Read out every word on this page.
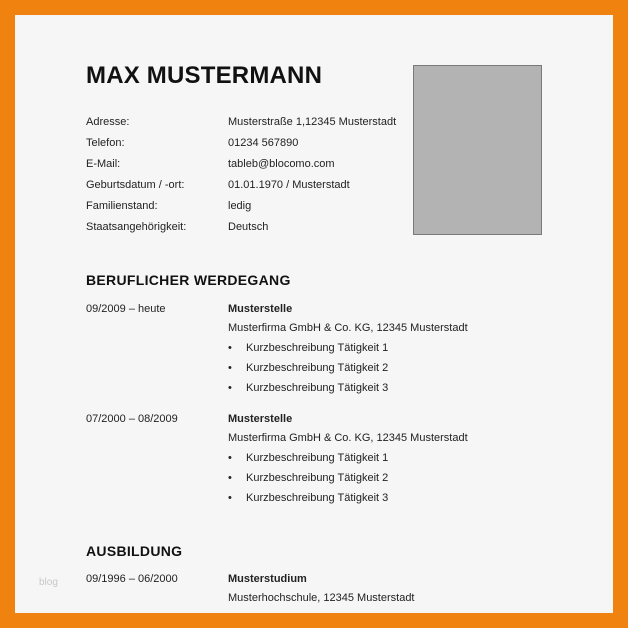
MAX MUSTERMANN
Adresse:	Musterstraße 1,12345 Musterstadt
Telefon:	01234 567890
E-Mail:	tableb@blocomo.com
Geburtsdatum / -ort:	01.01.1970 / Musterstadt
Familienstand:	ledig
Staatsangehörigkeit:	Deutsch
BERUFLICHER WERDEGANG
09/2009 – heute	Musterstelle
Musterfirma GmbH & Co. KG, 12345 Musterstadt
• Kurzbeschreibung Tätigkeit 1
• Kurzbeschreibung Tätigkeit 2
• Kurzbeschreibung Tätigkeit 3
07/2000 – 08/2009	Musterstelle
Musterfirma GmbH & Co. KG, 12345 Musterstadt
• Kurzbeschreibung Tätigkeit 1
• Kurzbeschreibung Tätigkeit 2
• Kurzbeschreibung Tätigkeit 3
AUSBILDUNG
09/1996 – 06/2000	Musterstudium
Musterhochschule, 12345 Musterstadt
blog
